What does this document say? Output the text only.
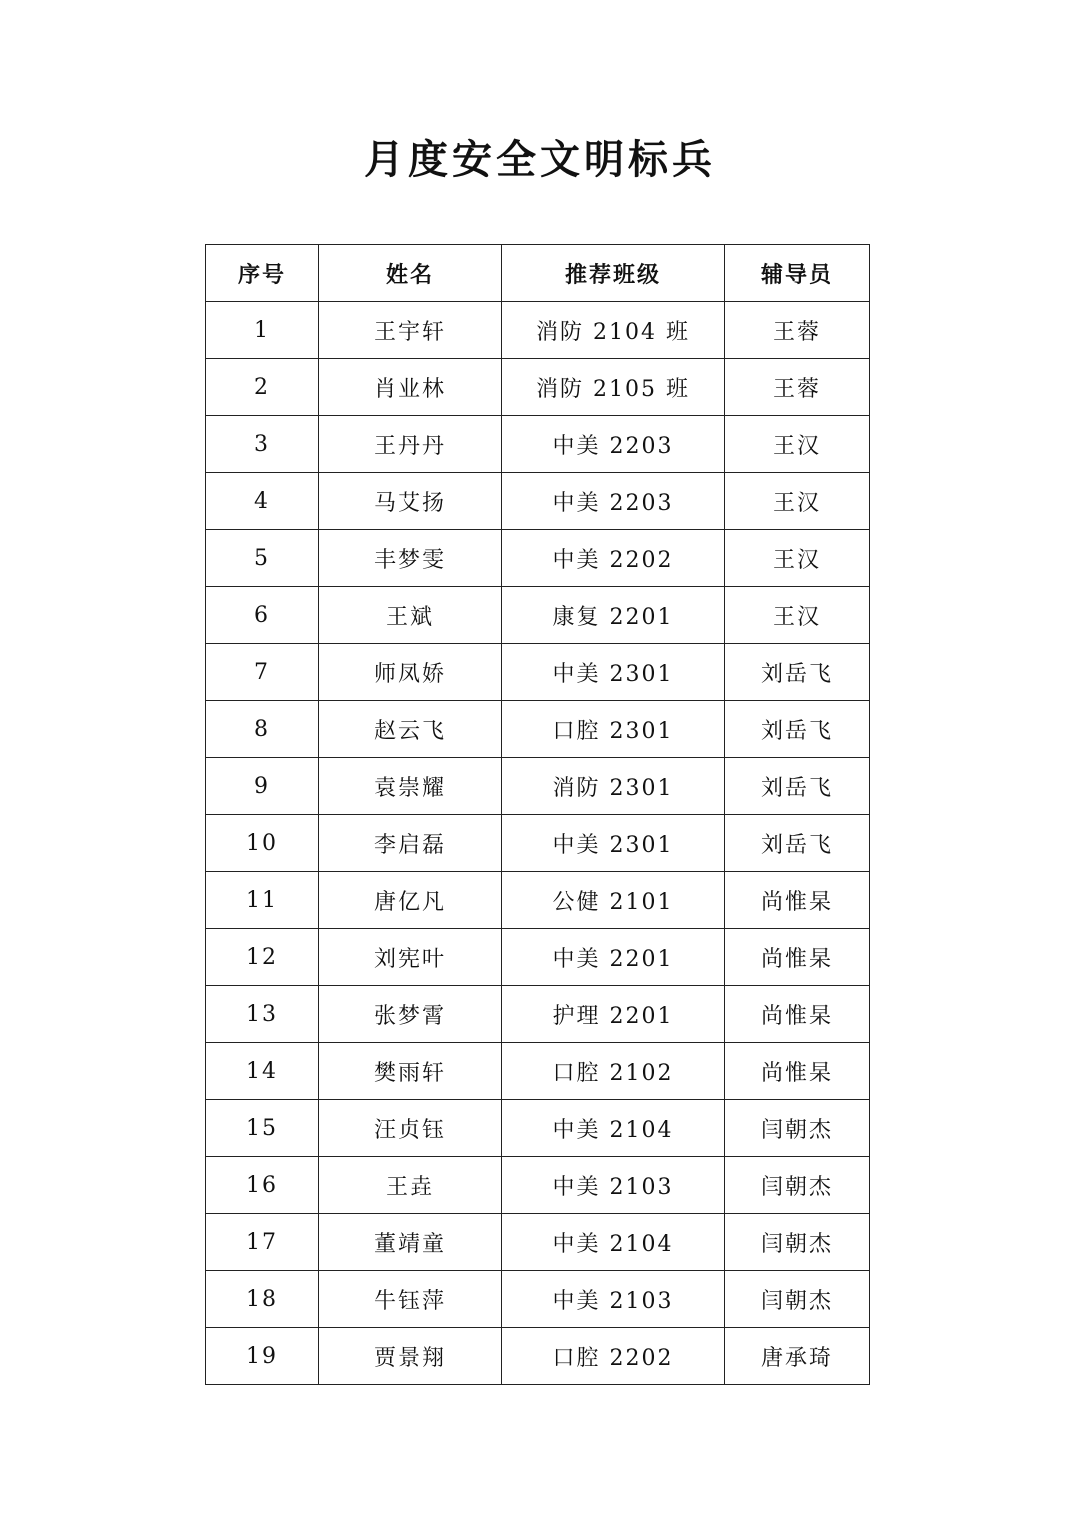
月度安全文明标兵
序号	姓名	推荐班级	辅导员
1	王宇轩	消防 2104 班	王蓉
2	肖业林	消防 2105 班	王蓉
3	王丹丹	中美 2203	王汉
4	马艾扬	中美 2203	王汉
5	丰梦雯	中美 2202	王汉
6	王斌	康复 2201	王汉
7	师凤娇	中美 2301	刘岳飞
8	赵云飞	口腔 2301	刘岳飞
9	袁崇耀	消防 2301	刘岳飞
10	李启磊	中美 2301	刘岳飞
11	唐亿凡	公健 2101	尚惟杲
12	刘宪叶	中美 2201	尚惟杲
13	张梦霄	护理 2201	尚惟杲
14	樊雨轩	口腔 2102	尚惟杲
15	汪贞钰	中美 2104	闫朝杰
16	王垚	中美 2103	闫朝杰
17	董靖童	中美 2104	闫朝杰
18	牛钰萍	中美 2103	闫朝杰
19	贾景翔	口腔 2202	唐承琦
